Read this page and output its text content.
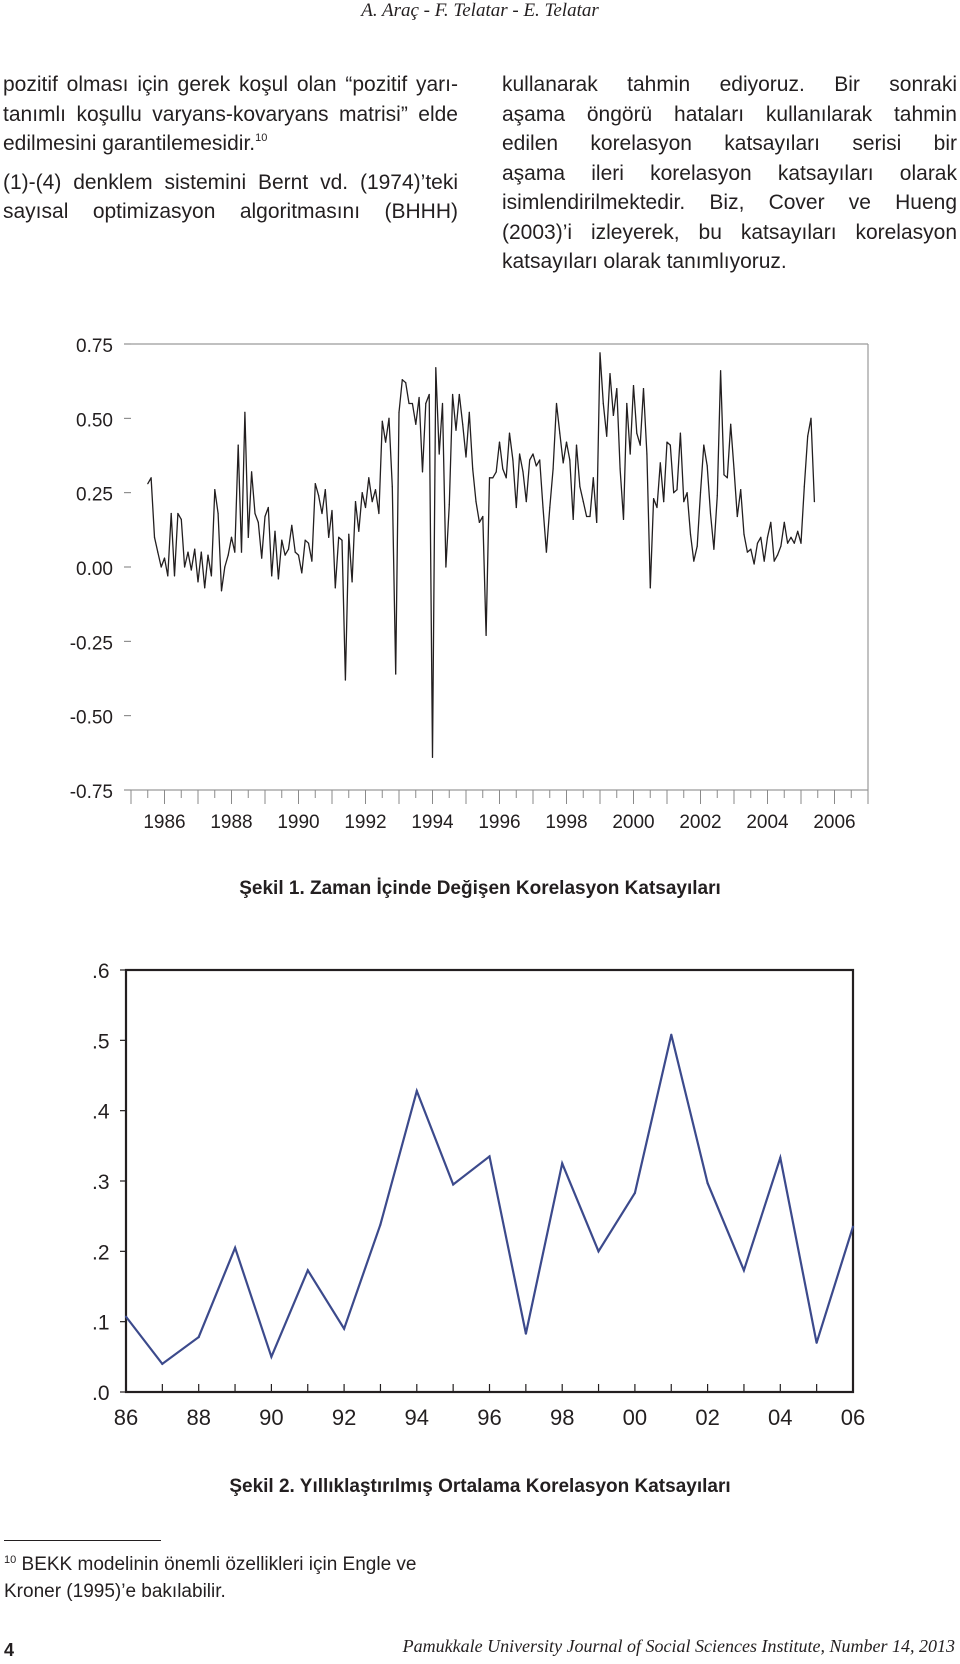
A. Araç - F. Telatar - E. Telatar

pozitif olması için gerek koşul olan “pozitif yarı-

tanımlı koşullu varyans-kovaryans matrisi” elde

edilmesini garantilemesidir.$^{10}$

(1)-(4) denklem sistemini Bernt vd. (1974)’teki

sayısal optimizasyon algoritmasını (BHHH)

kullanarak tahmin ediyoruz. Bir sonraki

aşama öngörü hataları kullanılarak tahmin

edilen korelasyon katsayıları serisi bir

aşama ileri korelasyon katsayıları olarak

isimlendirilmektedir. Biz, Cover ve Hueng

(2003)’i izleyerek, bu katsayıları korelasyon

katsayıları olarak tanımlıyoruz.

0.75
0.50
0.25
0.00
-0.25
-0.50
-0.75
1986 1988 1990 1992 1994 1996 1998 2000 2002 2004 2006
Şekil 1. Zaman İçinde Değişen Korelasyon Katsayıları
.6
.5
.4
.3
.2
.1
.0
86 88 90 92 94 96 98 00 02 04 06
Şekil 2. Yıllıklaştırılmış Ortalama Korelasyon Katsayıları
$^{10}$ BEKK modelinin önemli özellikleri için Engle ve
Kroner (1995)’e bakılabilir.
4	Pamukkale University Journal of Social Sciences Institute, Number 14, 2013
